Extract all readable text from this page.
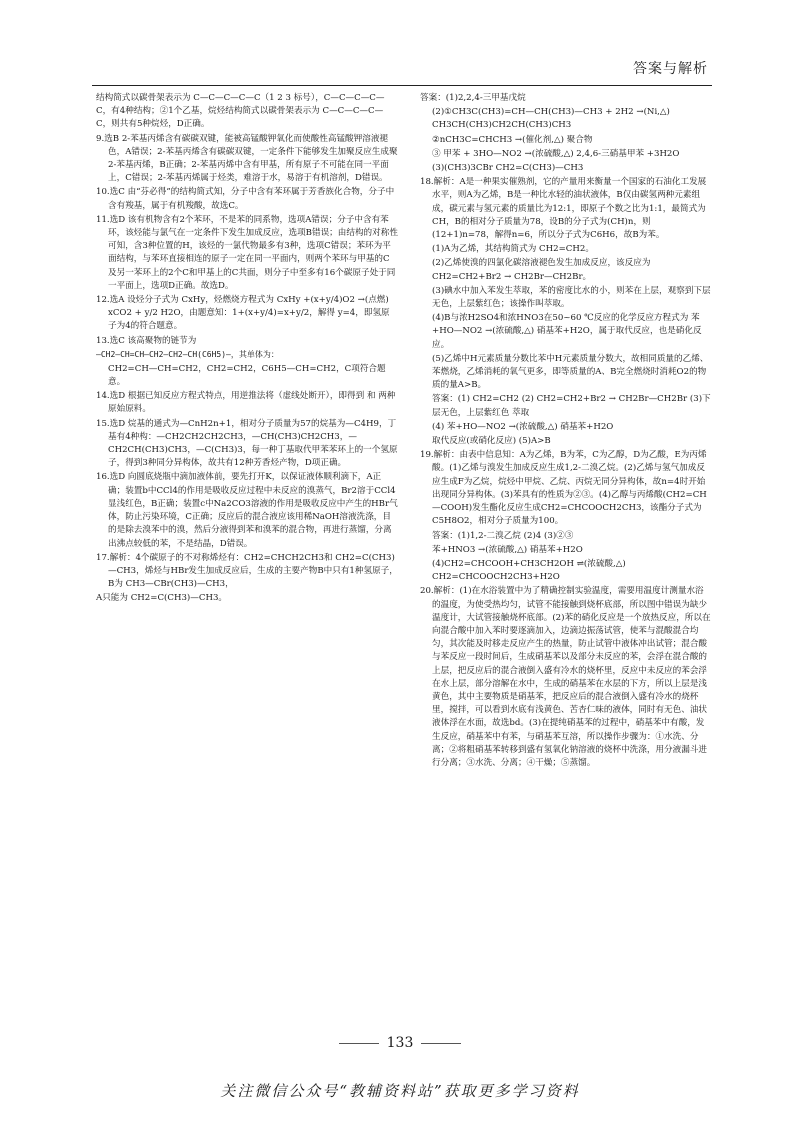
答案与解析
结构简式以碳骨架表示为 C—C—C—C—C（1 2 3 标号），C—C—C—C—C，有4种结构；②1个乙基，烷烃结构简式以碳骨架表示为 C—C—C—C—C，则共有5种烷烃，D正确。
9.选B 2-苯基丙烯含有碳碳双键，能被高锰酸钾氧化而使酸性高锰酸钾溶液褪色，A错误；2-苯基丙烯含有碳碳双键，一定条件下能够发生加聚反应生成聚2-苯基丙烯，B正确；2-苯基丙烯中含有甲基，所有原子不可能在同一平面上，C错误；2-苯基丙烯属于烃类，难溶于水，易溶于有机溶剂，D错误。
10.选C 由“芬必得”的结构简式知，分子中含有苯环属于芳香族化合物，分子中含有羧基，属于有机羧酸，故选C。
11.选D 该有机物含有2个苯环，不是苯的同系物，选项A错误；分子中含有苯环，该烃能与氯气在一定条件下发生加成反应，选项B错误；由结构的对称性可知，含3种位置的H，该烃的一氯代物最多有3种，选项C错误；苯环为平面结构，与苯环直接相连的原子一定在同一平面内，则两个苯环与甲基的C及另一苯环上的2个C和甲基上的C共面，则分子中至多有16个碳原子处于同一平面上，选项D正确。故选D。
12.选A 设烃分子式为 CxHy，烃燃烧方程式为 CxHy +(x+y/4)O2 →(点燃) xCO2 + y/2 H2O，由题意知：1+(x+y/4)=x+y/2，解得 y=4，即氢原子为4的符合题意。
13.选C 该高聚物的链节为
—CH2—CH=CH—CH2—CH2—CH(C6H5)—，其单体为：
CH2=CH—CH=CH2，CH2=CH2，C6H5—CH=CH2，C项符合题意。
14.选D 根据已知反应方程式特点，用逆推法将（虚线处断开），即得到 和 两种原始原料。
15.选D 烷基的通式为—CnH2n+1，相对分子质量为57的烷基为—C4H9，丁基有4种构：—CH2CH2CH2CH3，—CH(CH3)CH2CH3，—CH2CH(CH3)CH3，—C(CH3)3，每一种丁基取代甲苯苯环上的一个氢原子，得到3种同分异构体，故共有12种芳香烃产物，D项正确。
16.选D 向圆底烧瓶中滴加液体前，要先打开K，以保证液体顺利滴下，A正确；装置b中CCl4的作用是吸收反应过程中未反应的溴蒸气，Br2溶于CCl4显浅红色，B正确；装置c中Na2CO3溶液的作用是吸收反应中产生的HBr气体，防止污染环境，C正确；反应后的混合液应该用稀NaOH溶液洗涤，目的是除去溴苯中的溴，然后分液得到苯和溴苯的混合物，再进行蒸馏，分离出沸点较低的苯，不是结晶，D错误。
17.解析：4个碳原子的不对称烯烃有：CH2=CHCH2CH3和 CH2=C(CH3)—CH3，烯烃与HBr发生加成反应后，生成的主要产物B中只有1种氢原子，B为 CH3—CBr(CH3)—CH3，
A只能为 CH2=C(CH3)—CH3。
答案：(1)2,2,4-三甲基戊烷
(2)①CH3C(CH3)=CH—CH(CH3)—CH3 + 2H2 →(Ni,△) CH3CH(CH3)CH2CH(CH3)CH3
②nCH3C=CHCH3 →(催化剂,△) 聚合物
③ 甲苯 + 3HO—NO2 →(浓硫酸,△) 2,4,6-三硝基甲苯 +3H2O
(3)(CH3)3CBr CH2=C(CH3)—CH3
18.解析：A是一种果实催熟剂，它的产量用来衡量一个国家的石油化工发展水平，则A为乙烯，B是一种比水轻的油状液体，B仅由碳氢两种元素组成，碳元素与氢元素的质量比为12:1，即原子个数之比为1:1，最简式为CH，B的相对分子质量为78，设B的分子式为(CH)n，则(12+1)n=78，解得n=6，所以分子式为C6H6，故B为苯。
(1)A为乙烯，其结构简式为 CH2=CH2。
(2)乙烯使溴的四氯化碳溶液褪色发生加成反应，该反应为 CH2=CH2+Br2 → CH2Br—CH2Br。
(3)碘水中加入苯发生萃取，苯的密度比水的小，则苯在上层，观察到下层无色，上层紫红色；该操作叫萃取。
(4)B与浓H2SO4和浓HNO3在50~60 ℃反应的化学反应方程式为 苯+HO—NO2 →(浓硫酸,△) 硝基苯+H2O，属于取代反应，也是硝化反应。
(5)乙烯中H元素质量分数比苯中H元素质量分数大，故相同质量的乙烯、苯燃烧，乙烯消耗的氧气更多，即等质量的A、B完全燃烧时消耗O2的物质的量A>B。
答案：(1) CH2=CH2 (2) CH2=CH2+Br2 → CH2Br—CH2Br (3)下层无色，上层紫红色 萃取
(4) 苯+HO—NO2 →(浓硫酸,△) 硝基苯+H2O
取代反应(或硝化反应) (5)A>B
19.解析：由表中信息知：A为乙烯，B为苯，C为乙醇，D为乙酸，E为丙烯酸。(1)乙烯与溴发生加成反应生成1,2-二溴乙烷。(2)乙烯与氢气加成反应生成F为乙烷，烷烃中甲烷、乙烷、丙烷无同分异构体，故n=4时开始出现同分异构体。(3)苯具有的性质为②③。(4)乙醇与丙烯酸(CH2=CH—COOH)发生酯化反应生成CH2=CHCOOCH2CH3，该酯分子式为C5H8O2，相对分子质量为100。
答案：(1)1,2-二溴乙烷 (2)4 (3)②③
苯+HNO3 →(浓硫酸,△) 硝基苯+H2O
(4)CH2=CHCOOH+CH3CH2OH ⇌(浓硫酸,△) CH2=CHCOOCH2CH3+H2O
20.解析：(1)在水浴装置中为了精确控制实验温度，需要用温度计测量水浴的温度，为使受热均匀，试管不能接触到烧杯底部，所以图中错误为缺少温度计，大试管接触烧杯底部。(2)苯的硝化反应是一个放热反应，所以在向混合酸中加入苯时要逐滴加入，边滴边振荡试管，使苯与混酸混合均匀，其次能及时移走反应产生的热量，防止试管中液体冲出试管；混合酸与苯反应一段时间后，生成硝基苯以及部分未反应的苯，会浮在混合酸的上层，把反应后的混合液倒入盛有冷水的烧杯里，反应中未反应的苯会浮在水上层，部分溶解在水中，生成的硝基苯在水层的下方，所以上层是浅黄色，其中主要物质是硝基苯，把反应后的混合液倒入盛有冷水的烧杯里，搅拌，可以看到水底有浅黄色、苦杏仁味的液体，同时有无色、油状液体浮在水面，故选bd。(3)在提纯硝基苯的过程中，硝基苯中有酸，发生反应，硝基苯中有苯，与硝基苯互溶，所以操作步骤为：①水洗、分离；②将粗硝基苯转移到盛有氢氧化钠溶液的烧杯中洗涤，用分液漏斗进行分离；③水洗、分离；④干燥；⑤蒸馏。
133
关注微信公众号“教辅资料站”获取更多学习资料
